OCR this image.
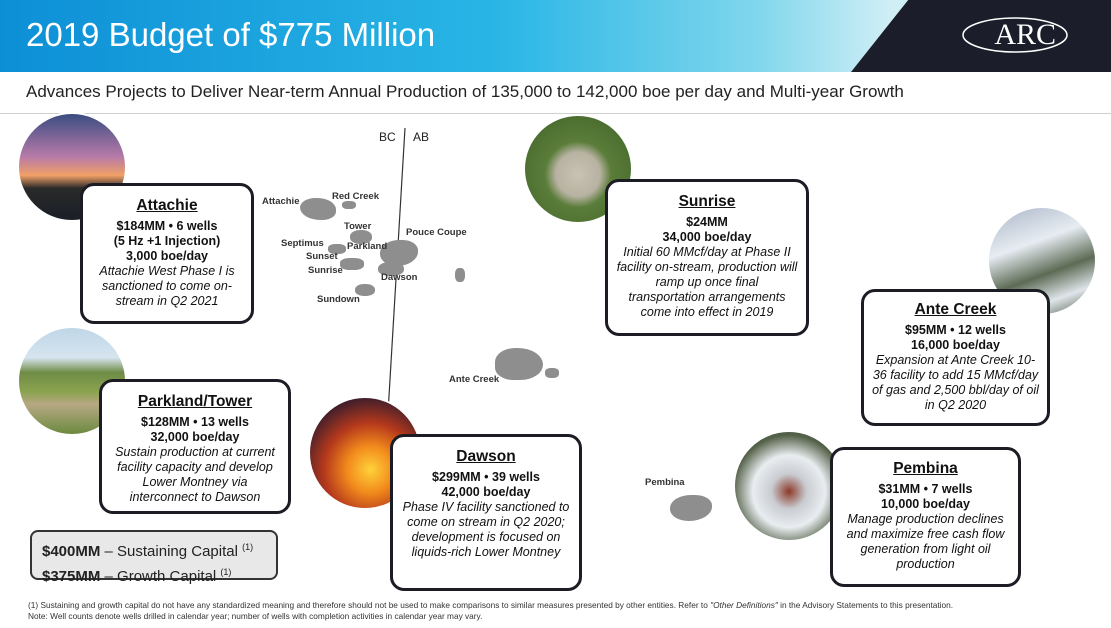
2019 Budget of $775 Million	ARC
Advances Projects to Deliver Near-term Annual Production of 135,000 to 142,000 boe per day and Multi-year Growth
BC AB
Attachie	Red Creek
Tower
Pouce Coupe
Septimus Parkland
Sunset
Sunrise
Dawson
Sundown
Ante Creek
Pembina
Attachie
$184MM • 6 wells
(5 Hz +1 Injection)
3,000 boe/day
Attachie West Phase I is sanctioned to come on-stream in Q2 2021
Sunrise
$24MM
34,000 boe/day
Initial 60 MMcf/day at Phase II facility on-stream, production will ramp up once final transportation arrangements come into effect in 2019	Ante Creek
$95MM • 12 wells
16,000 boe/day
Expansion at Ante Creek 10-36 facility to add 15 MMcf/day of gas and 2,500 bbl/day of oil in Q2 2020
Parkland/Tower
$128MM • 13 wells
32,000 boe/day
Sustain production at current facility capacity and develop Lower Montney via interconnect to Dawson
Dawson
$299MM • 39 wells
42,000 boe/day
Phase IV facility sanctioned to come on stream in Q2 2020; development is focused on liquids-rich Lower Montney
Pembina
$31MM • 7 wells
10,000 boe/day
Manage production declines and maximize free cash flow generation from light oil production
$400MM – Sustaining Capital $^{(1)}$
$375MM – Growth Capital $^{(1)}$
(1) Sustaining and growth capital do not have any standardized meaning and therefore should not be used to make comparisons to similar measures presented by other entities. Refer to "Other Definitions" in the Advisory Statements to this presentation.
Note: Well counts denote wells drilled in calendar year; number of wells with completion activities in calendar year may vary.
